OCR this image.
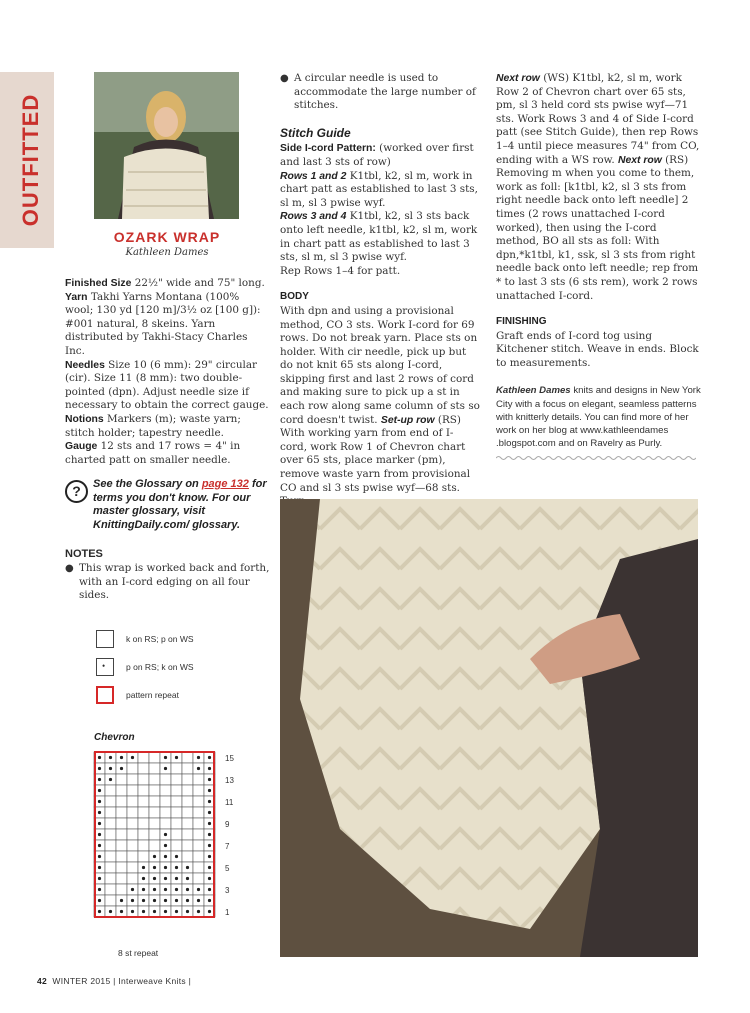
OUTFITTED
OZARK WRAP
Kathleen Dames

Finished Size 22½" wide and 75" long.

Yarn Takhi Yarns Montana (100% wool; 130 yd [120 m]/3½ oz [100 g]): #001 natural, 8 skeins. Yarn distributed by Takhi-Stacy Charles Inc.

Needles Size 10 (6 mm): 29" circular (cir). Size 11 (8 mm): two double-pointed (dpn). Adjust needle size if necessary to obtain the correct gauge.

Notions Markers (m); waste yarn; stitch holder; tapestry needle.

Gauge 12 sts and 17 rows = 4" in charted patt on smaller needle.

?	See the Glossary on page 132 for terms you don't know. For our master glossary, visit KnittingDaily.com/ glossary.
NOTES
● This wrap is worked back and forth, with an I-cord edging on all four sides.
k on RS; p on WS
• p on RS; k on WS
pattern repeat
Chevron
15
13
11
9
7
5
3
1
8 st repeat
● A circular needle is used to accommodate the large number of stitches.
Stitch Guide

Side I-cord Pattern: (worked over first and last 3 sts of row)

Rows 1 and 2 K1tbl, k2, sl m, work in chart patt as established to last 3 sts, sl m, sl 3 pwise wyf.

Rows 3 and 4 K1tbl, k2, sl 3 sts back onto left needle, k1tbl, k2, sl m, work in chart patt as established to last 3 sts, sl m, sl 3 pwise wyf.

Rep Rows 1–4 for patt.

BODY

With dpn and using a provisional method, CO 3 sts. Work I-cord for 69 rows. Do not break yarn. Place sts on holder. With cir needle, pick up but do not knit 65 sts along I-cord, skipping first and last 2 rows of cord and making sure to pick up a st in each row along same column of sts so cord doesn't twist. Set-up row (RS) With working yarn from end of I-cord, work Row 1 of Chevron chart over 65 sts, place marker (pm), remove waste yarn from provisional CO and sl 3 sts pwise wyf—68 sts.

Next row (WS) K1tbl, k2, sl m, work Row 2 of Chevron chart over 65 sts, pm, sl 3 held cord sts pwise wyf—71 sts. Work Rows 3 and 4 of Side I-cord patt (see Stitch Guide), then rep Rows 1–4 until piece measures 74" from CO, ending with a WS row. Next row (RS) Removing m when you come to them, work as foll: [k1tbl, k2, sl 3 sts from right needle back onto left needle] 2 times (2 rows unattached I-cord worked), then using the I-cord method, BO all sts as foll: With dpn,*k1tbl, k1, ssk, sl 3 sts from right needle back onto left needle; rep from * to last 3 sts (6 sts rem), work 2 rows unattached I-cord.

FINISHING

Graft ends of I-cord tog using Kitchener stitch. Weave in ends. Block to measurements.

Kathleen Dames knits and designs in New York City with a focus on elegant, seamless patterns with knitterly details. You can find more of her work on her blog at www.kathleendames .blogspot.com and on Ravelry as Purly.

42 WINTER 2015 | Interweave Knits |
